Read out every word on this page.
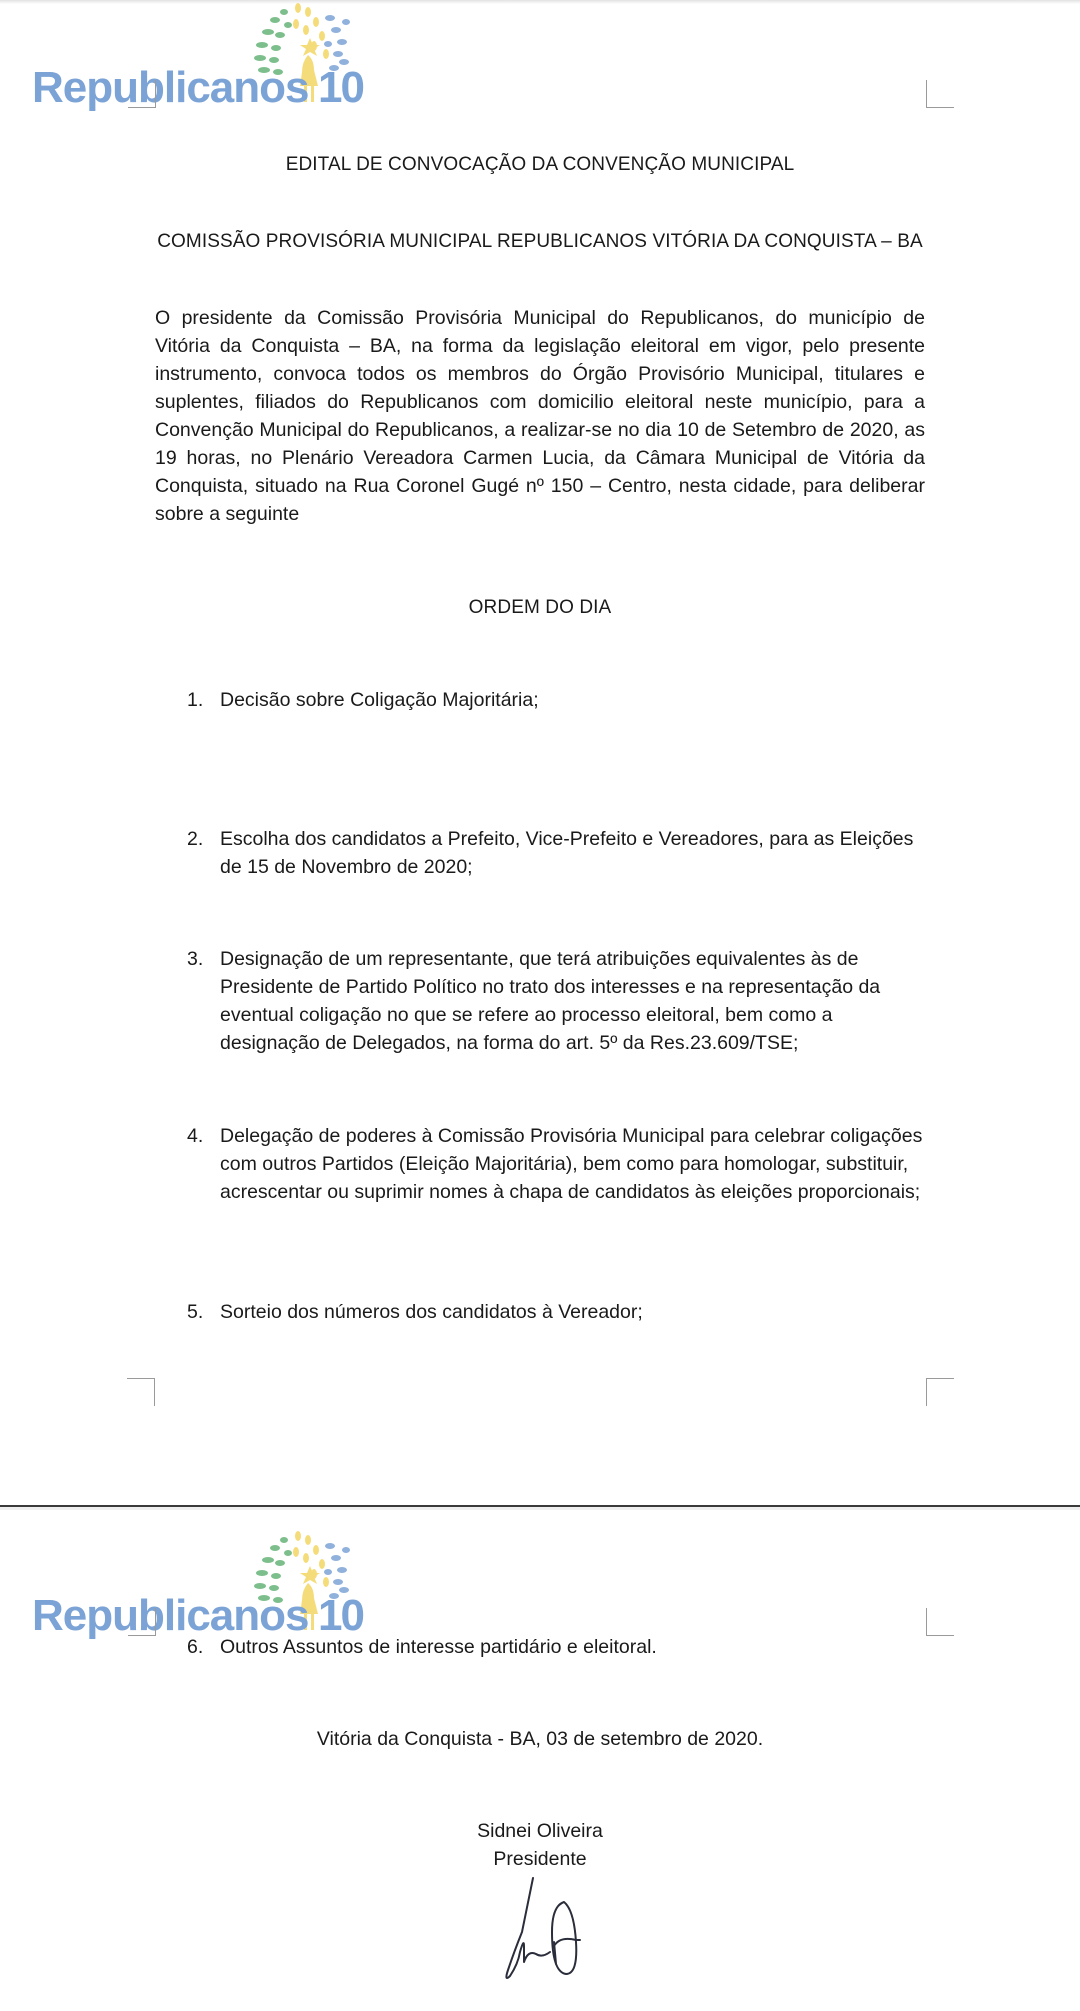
Republicanos 10
EDITAL DE CONVOCAÇÃO DA CONVENÇÃO MUNICIPAL
COMISSÃO PROVISÓRIA MUNICIPAL REPUBLICANOS VITÓRIA DA CONQUISTA – BA
O presidente da Comissão Provisória Municipal do Republicanos, do município de Vitória da Conquista – BA, na forma da legislação eleitoral em vigor, pelo presente instrumento, convoca todos os membros do Órgão Provisório Municipal, titulares e suplentes, filiados do Republicanos com domicilio eleitoral neste município, para a Convenção Municipal do Republicanos, a realizar-se no dia 10 de Setembro de 2020, as 19 horas, no Plenário Vereadora Carmen Lucia, da Câmara Municipal de Vitória da Conquista, situado na Rua Coronel Gugé nº 150 – Centro, nesta cidade, para deliberar sobre a seguinte
ORDEM DO DIA
1. Decisão sobre Coligação Majoritária;
2. Escolha dos candidatos a Prefeito, Vice-Prefeito e Vereadores, para as Eleições de 15 de Novembro de 2020;
3. Designação de um representante, que terá atribuições equivalentes às de Presidente de Partido Político no trato dos interesses e na representação da eventual coligação no que se refere ao processo eleitoral, bem como a designação de Delegados, na forma do art. 5º da Res.23.609/TSE;
4. Delegação de poderes à Comissão Provisória Municipal para celebrar coligações com outros Partidos (Eleição Majoritária), bem como para homologar, substituir, acrescentar ou suprimir nomes à chapa de candidatos às eleições proporcionais;
5. Sorteio dos números dos candidatos à Vereador;
Republicanos 10
6. Outros Assuntos de interesse partidário e eleitoral.
Vitória da Conquista - BA, 03 de setembro de 2020.
Sidnei Oliveira
Presidente
